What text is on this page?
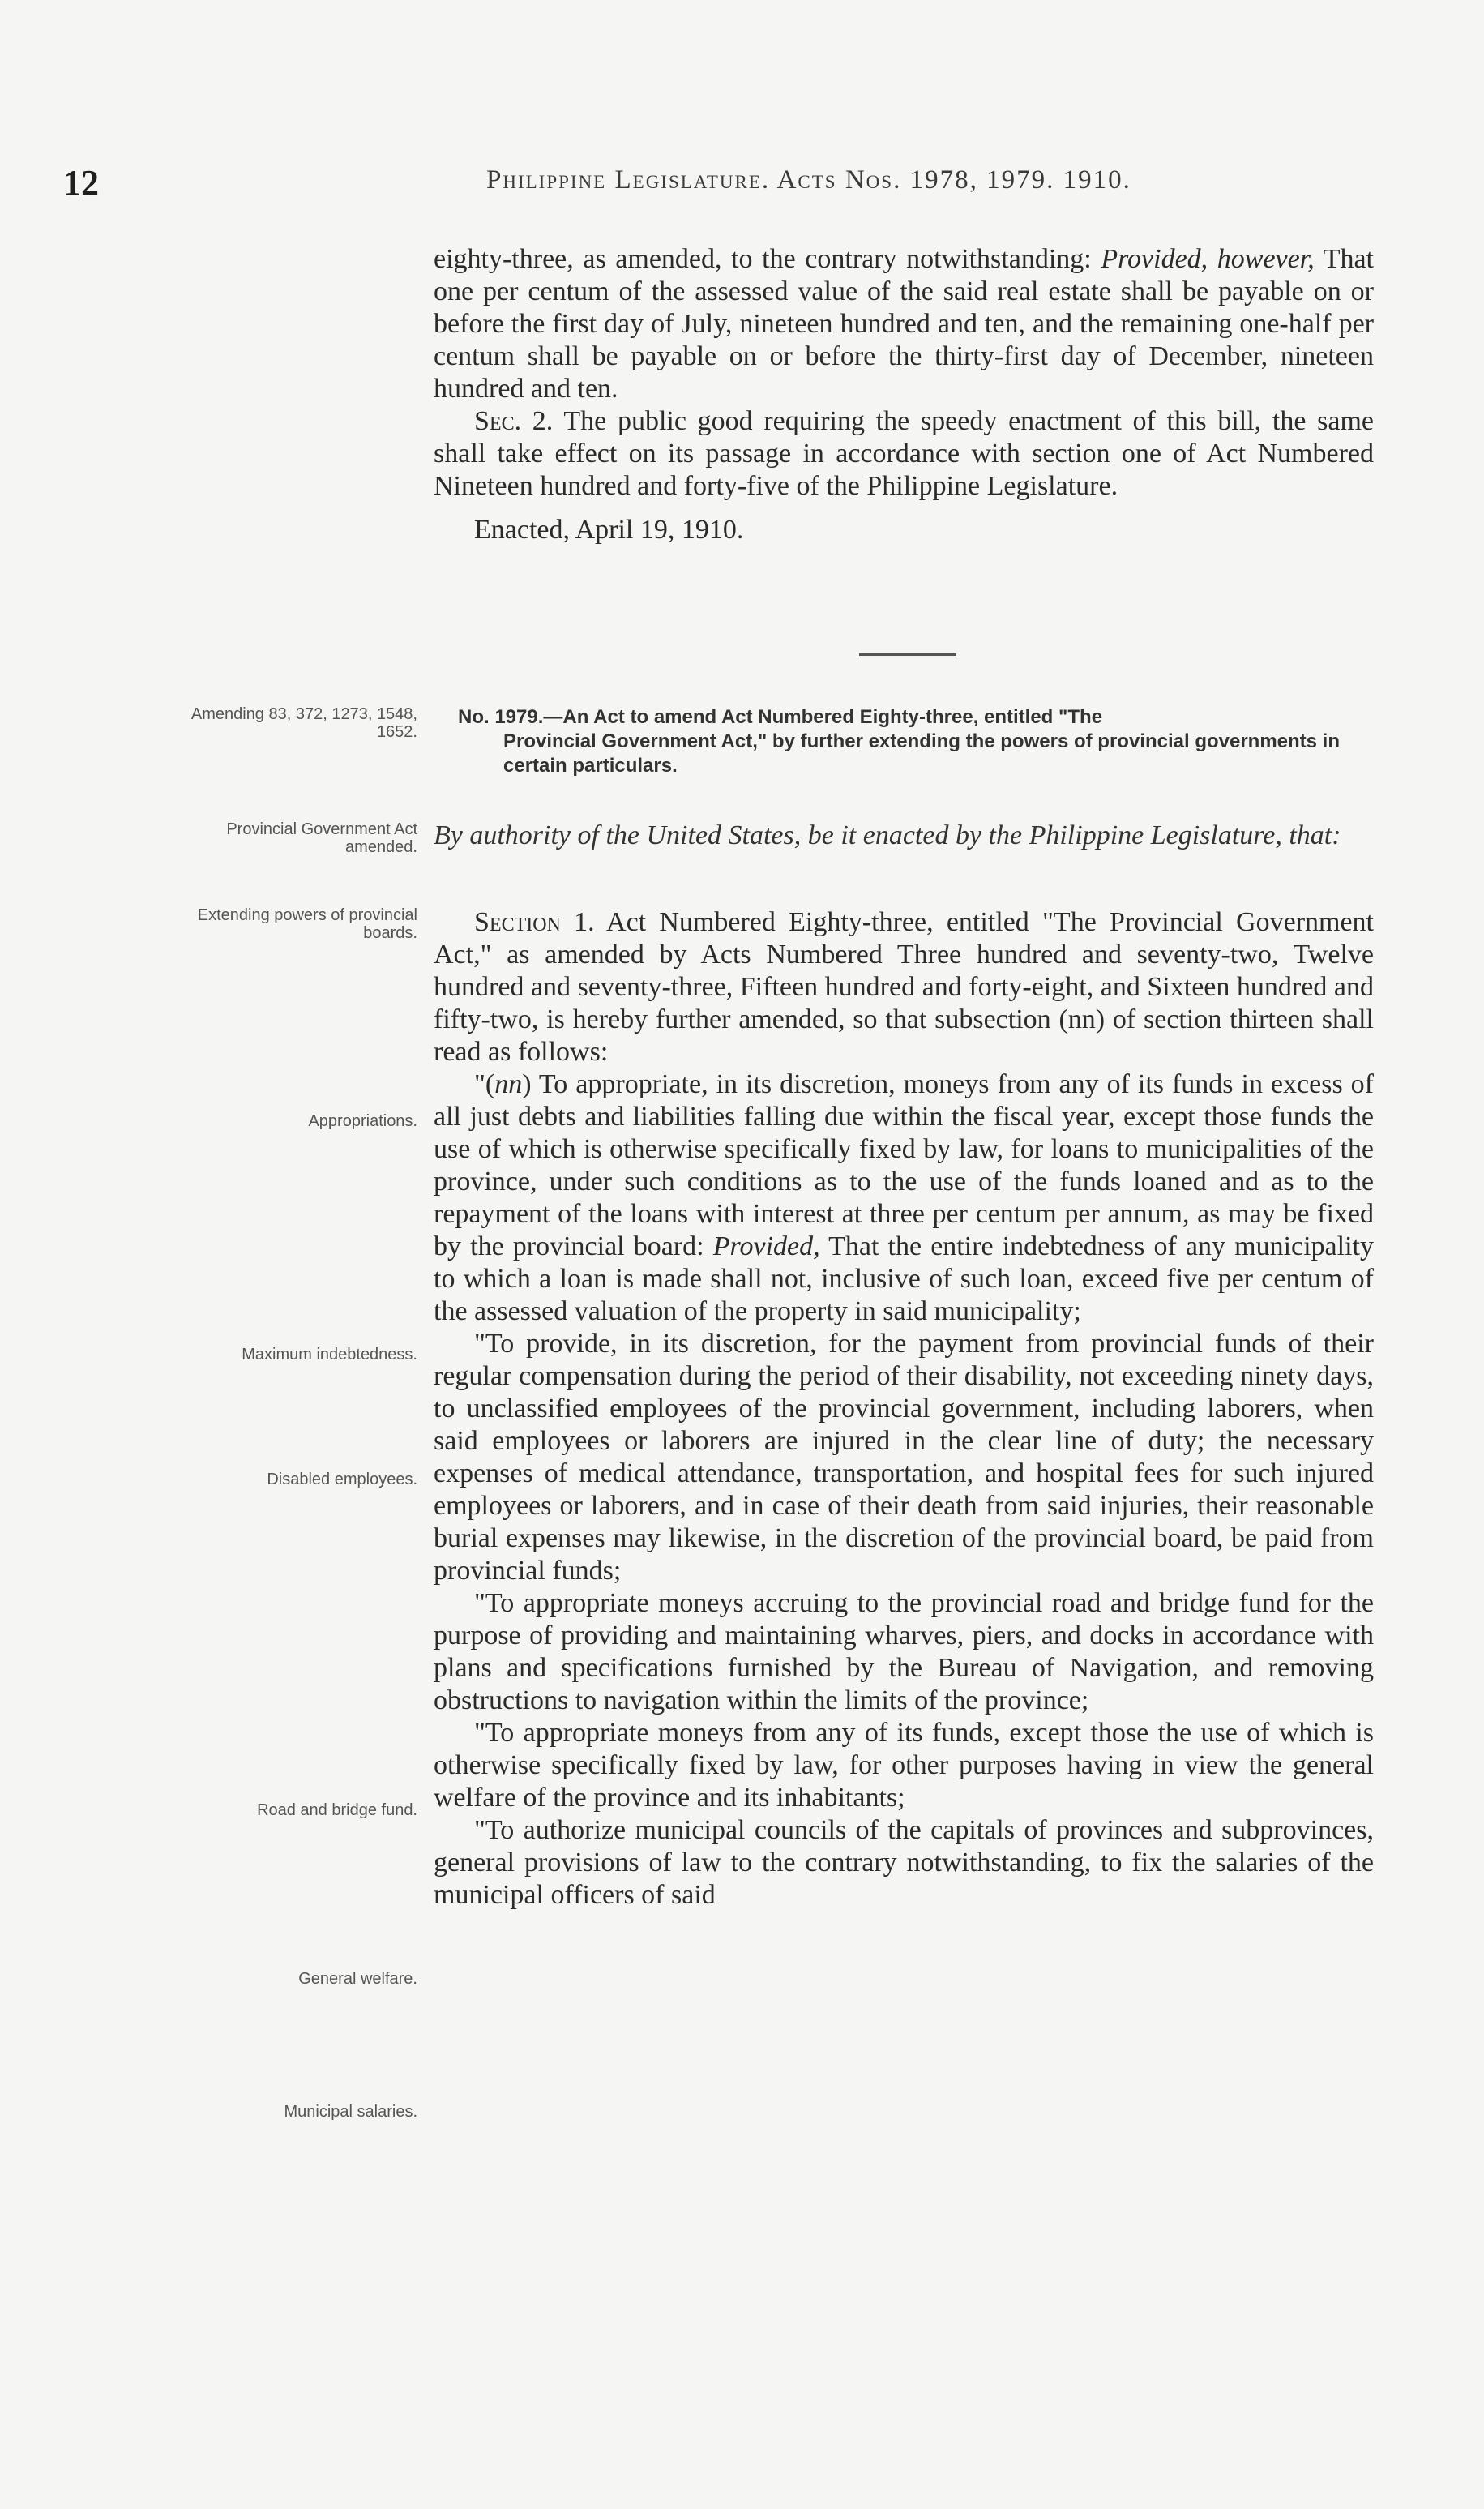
12	Philippine Legislature. Acts Nos. 1978, 1979. 1910.

eighty-three, as amended, to the contrary notwithstanding: Provided, however, That one per centum of the assessed value of the said real estate shall be payable on or before the first day of July, nineteen hundred and ten, and the remaining one-half per centum shall be payable on or before the thirty-first day of December, nineteen hundred and ten.

Sec. 2. The public good requiring the speedy enactment of this bill, the same shall take effect on its passage in accordance with section one of Act Numbered Nineteen hundred and forty-five of the Philippine Legislature.

Enacted, April 19, 1910.

Amending 83, 372, 1273, 1548, 1652.
No. 1979.—An Act to amend Act Numbered Eighty-three, entitled "The
Provincial Government Act," by further extending the powers of provincial governments in certain particulars.
Provincial Government Act amended. By authority of the United States, be it enacted by the Philippine Legislature, that:
Extending powers of provincial boards.
Appropriations.
Maximum indebtedness.
Disabled employees.
Road and bridge fund.
General welfare.
Municipal salaries.

Section 1. Act Numbered Eighty-three, entitled "The Provincial Government Act," as amended by Acts Numbered Three hundred and seventy-two, Twelve hundred and seventy-three, Fifteen hundred and forty-eight, and Sixteen hundred and fifty-two, is hereby further amended, so that subsection (nn) of section thirteen shall read as follows:

"(nn) To appropriate, in its discretion, moneys from any of its funds in excess of all just debts and liabilities falling due within the fiscal year, except those funds the use of which is otherwise specifically fixed by law, for loans to municipalities of the province, under such conditions as to the use of the funds loaned and as to the repayment of the loans with interest at three per centum per annum, as may be fixed by the provincial board: Provided, That the entire indebtedness of any municipality to which a loan is made shall not, inclusive of such loan, exceed five per centum of the assessed valuation of the property in said municipality;

"To provide, in its discretion, for the payment from provincial funds of their regular compensation during the period of their disability, not exceeding ninety days, to unclassified employees of the provincial government, including laborers, when said employees or laborers are injured in the clear line of duty; the necessary expenses of medical attendance, transportation, and hospital fees for such injured employees or laborers, and in case of their death from said injuries, their reasonable burial expenses may likewise, in the discretion of the provincial board, be paid from provincial funds;

"To appropriate moneys accruing to the provincial road and bridge fund for the purpose of providing and maintaining wharves, piers, and docks in accordance with plans and specifications furnished by the Bureau of Navigation, and removing obstructions to navigation within the limits of the province;

"To appropriate moneys from any of its funds, except those the use of which is otherwise specifically fixed by law, for other purposes having in view the general welfare of the province and its inhabitants;

"To authorize municipal councils of the capitals of provinces and subprovinces, general provisions of law to the contrary notwithstanding, to fix the salaries of the municipal officers of said
